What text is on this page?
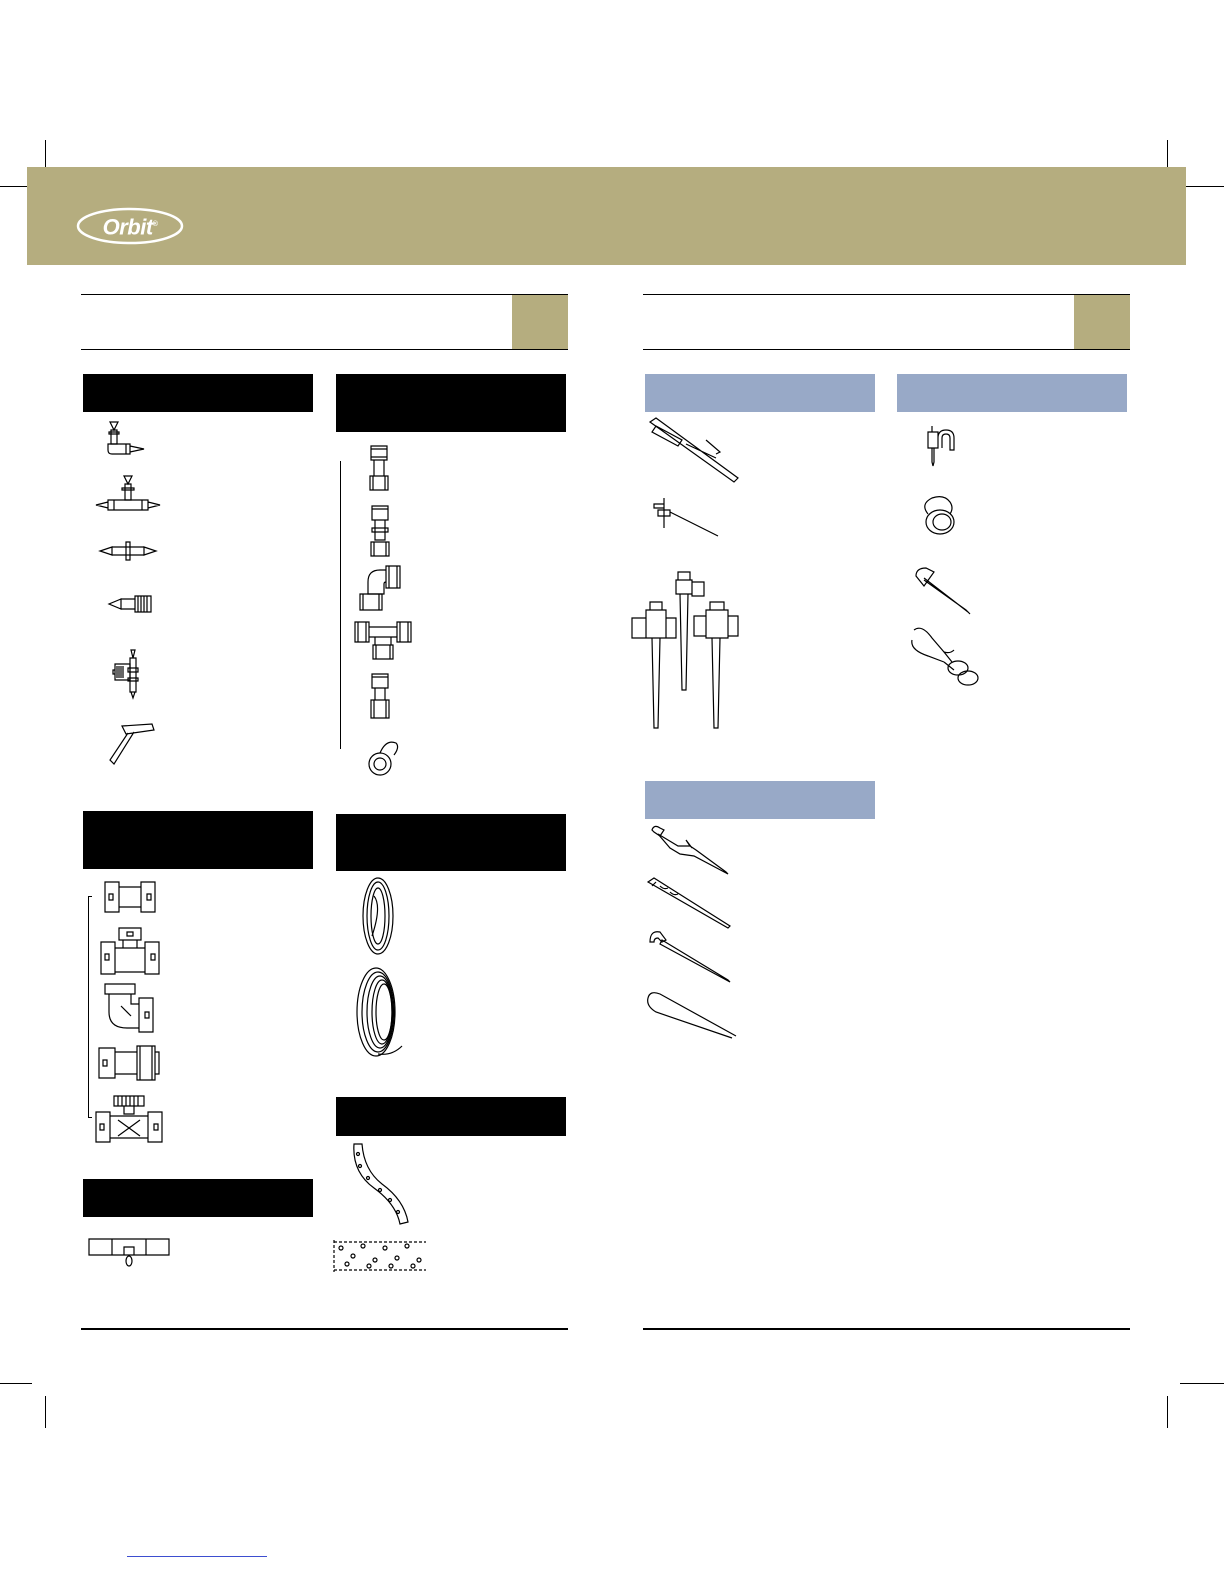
Orbit®
